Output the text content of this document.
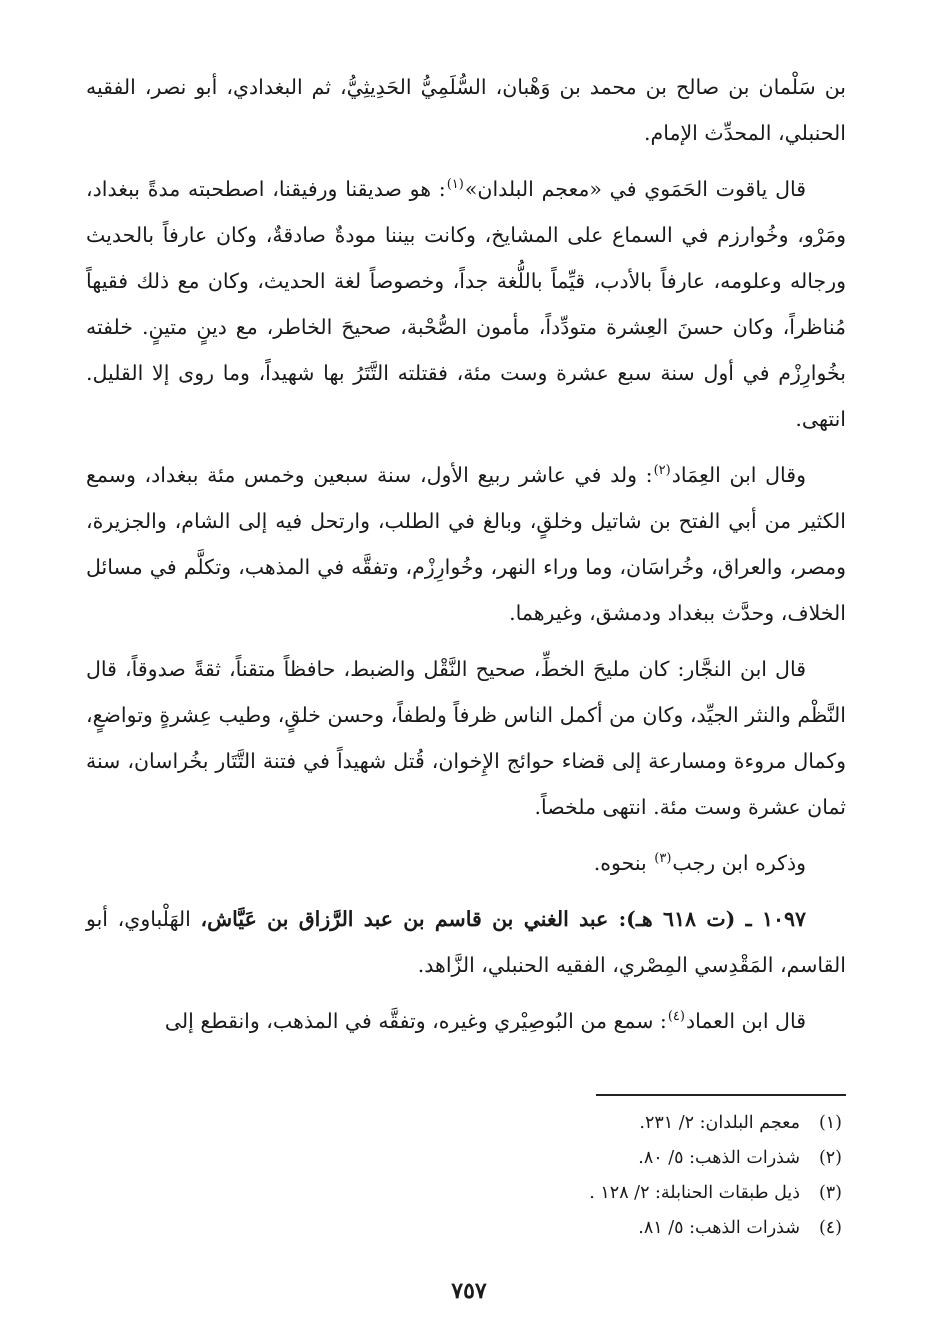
بن سَلْمان بن صالح بن محمد بن وَهْبان، السُّلَمِيُّ الحَدِيثِيُّ، ثم البغدادي، أبو نصر، الفقيه الحنبلي، المحدِّث الإمام.

قال ياقوت الحَمَوي في «معجم البلدان»$^{(١)}$: هو صديقنا ورفيقنا، اصطحبته مدةً ببغداد، ومَرْو، وخُوارزم في السماع على المشايخ، وكانت بيننا مودةٌ صادقةٌ، وكان عارفاً بالحديث ورجاله وعلومه، عارفاً بالأدب، قيِّماً باللُّغة جداً، وخصوصاً لغة الحديث، وكان مع ذلك فقيهاً مُناظراً، وكان حسنَ العِشرة متودِّداً، مأمون الصُّحْبة، صحيحَ الخاطر، مع دينٍ متينٍ. خلفته بخُوارِزْم في أول سنة سبع عشرة وست مئة، فقتلته التَّتَرُ بها شهيداً، وما روى إلا القليل. انتهى.

وقال ابن العِمَاد$^{(٢)}$: ولد في عاشر ربيع الأول، سنة سبعين وخمس مئة ببغداد، وسمع الكثير من أبي الفتح بن شاتيل وخلقٍ، وبالغ في الطلب، وارتحل فيه إلى الشام، والجزيرة، ومصر، والعراق، وخُراسَان، وما وراء النهر، وخُوارِزْم، وتفقَّه في المذهب، وتكلَّم في مسائل الخلاف، وحدَّث ببغداد ودمشق، وغيرهما.

قال ابن النجَّار: كان مليحَ الخطِّ، صحيح النَّقْل والضبط، حافظاً متقناً، ثقةً صدوقاً، قال النَّظْم والنثر الجيِّد، وكان من أكمل الناس ظرفاً ولطفاً، وحسن خلقٍ، وطيب عِشرةٍ وتواضعٍ، وكمال مروءة ومسارعة إلى قضاء حوائج الإِخوان، قُتل شهيداً في فتنة التَّتَار بخُراسان، سنة ثمان عشرة وست مئة. انتهى ملخصاً.

وذكره ابن رجب$^{(٣)}$ بنحوه.

١٠٩٧ ـ (ت ٦١٨ هـ): عبد الغني بن قاسم بن عبد الرَّزاق بن عَيَّاش، الهَلْباوي، أبو القاسم، المَقْدِسي المِصْري، الفقيه الحنبلي، الزَّاهد.

قال ابن العماد$^{(٤)}$: سمع من البُوصِيْري وغيره، وتفقَّه في المذهب، وانقطع إلى

(١)معجم البلدان: ٢/ ٢٣١.
(٢)شذرات الذهب: ٥/ ٨٠.
(٣)ذيل طبقات الحنابلة: ٢/ ١٢٨ .
(٤)شذرات الذهب: ٥/ ٨١.
٧٥٧
